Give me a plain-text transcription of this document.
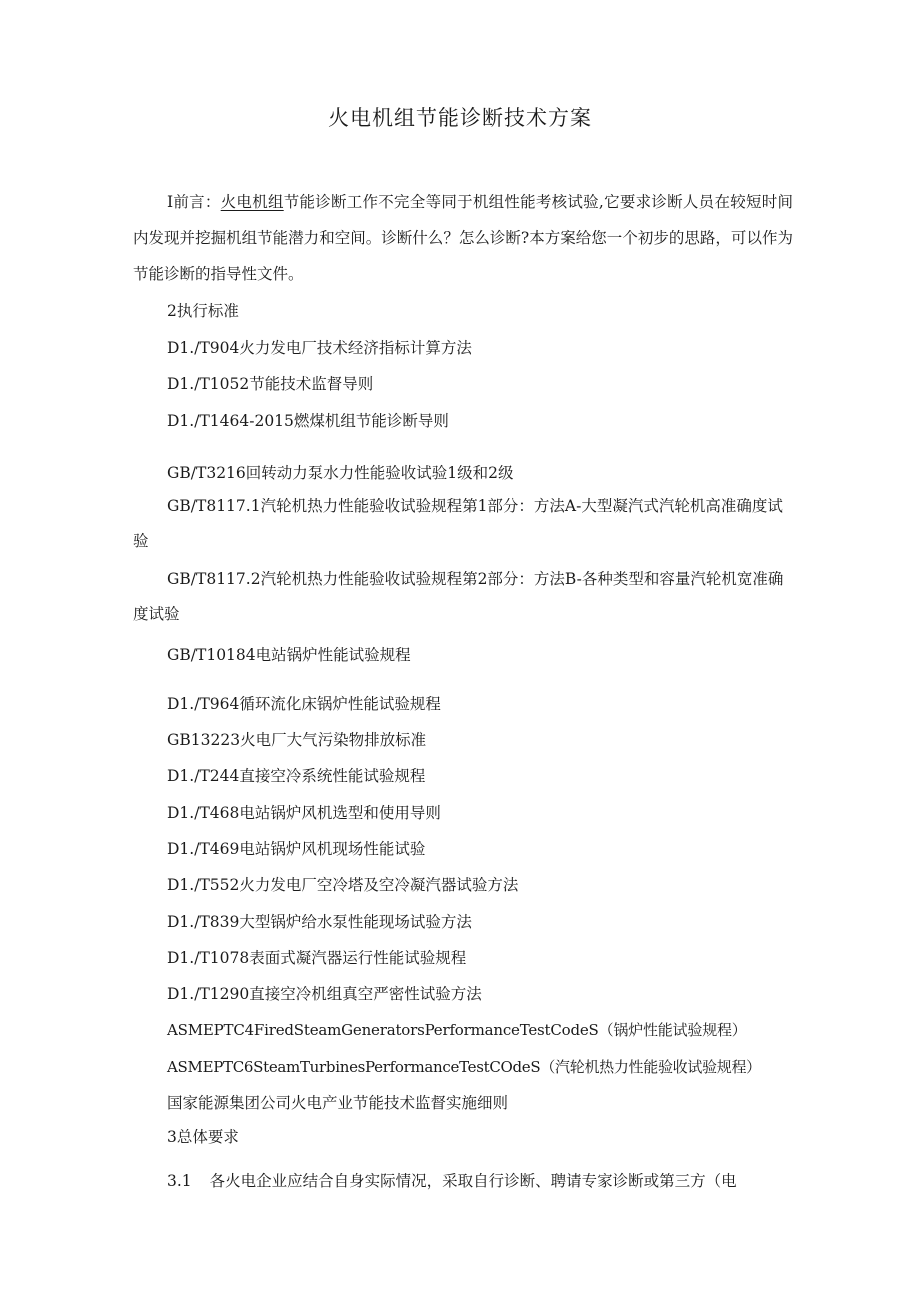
火电机组节能诊断技术方案

I前言：火电机组节能诊断工作不完全等同于机组性能考核试验,它要求诊断人员在较短时间内发现并挖掘机组节能潜力和空间。诊断什么？怎么诊断?本方案给您一个初步的思路，可以作为节能诊断的指导性文件。

2执行标准

D1./T904火力发电厂技术经济指标计算方法

D1./T1052节能技术监督导则

D1./T1464-2015燃煤机组节能诊断导则

GB/T3216回转动力泵水力性能验收试验1级和2级

GB/T8117.1汽轮机热力性能验收试验规程第1部分：方法A-大型凝汽式汽轮机高准确度试验

GB/T8117.2汽轮机热力性能验收试验规程第2部分：方法B-各种类型和容量汽轮机宽准确度试验

GB/T10184电站锅炉性能试验规程

D1./T964循环流化床锅炉性能试验规程

GB13223火电厂大气污染物排放标准

D1./T244直接空冷系统性能试验规程

D1./T468电站锅炉风机选型和使用导则

D1./T469电站锅炉风机现场性能试验

D1./T552火力发电厂空冷塔及空冷凝汽器试验方法

D1./T839大型锅炉给水泵性能现场试验方法

D1./T1078表面式凝汽器运行性能试验规程

D1./T1290直接空冷机组真空严密性试验方法

ASMEPTC4FiredSteamGeneratorsPerformanceTestCodeS（锅炉性能试验规程）

ASMEPTC6SteamTurbinesPerformanceTestCOdeS（汽轮机热力性能验收试验规程）

国家能源集团公司火电产业节能技术监督实施细则

3总体要求

3.1 各火电企业应结合自身实际情况，采取自行诊断、聘请专家诊断或第三方（电
